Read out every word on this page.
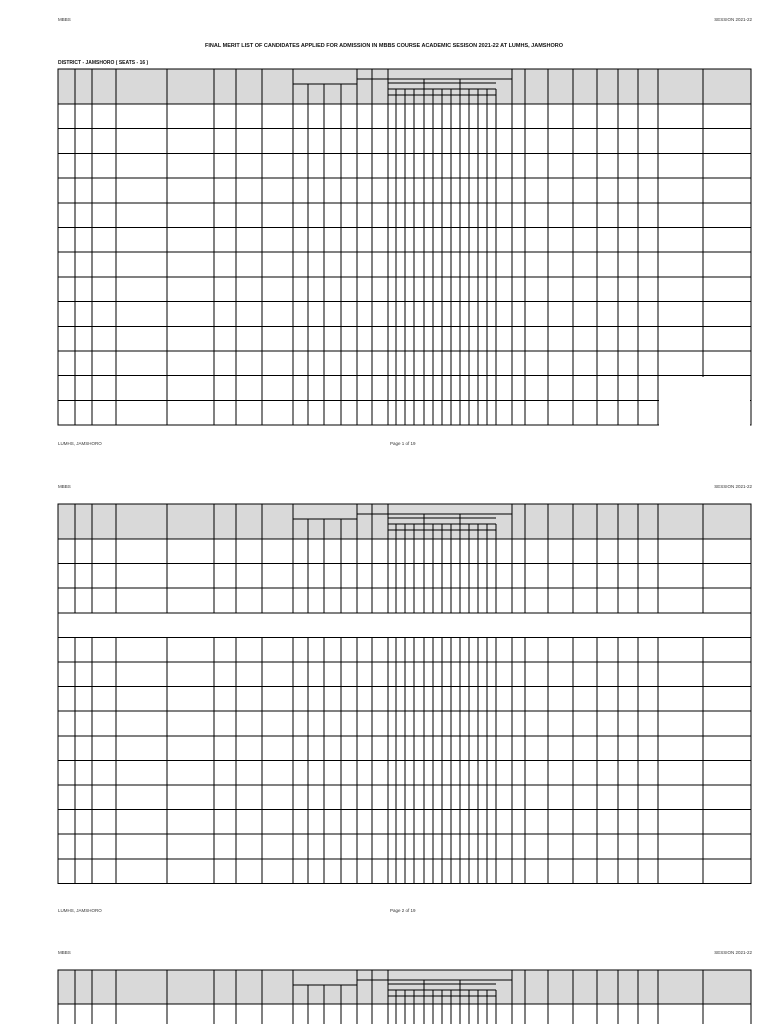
MBBS	SESSION 2021-22
FINAL MERIT LIST OF CANDIDATES APPLIED FOR ADMISSION IN MBBS COURSE ACADEMIC SESISON 2021-22 AT LUMHS, JAMSHORO
DISTRICT - JAMSHORO ( SEATS - 16 )
LUMHS, JAMSHORO	Page 1 of 19
MBBS	SESSION 2021-22
LUMHS, JAMSHORO	Page 2 of 19
MBBS	SESSION 2021-22
